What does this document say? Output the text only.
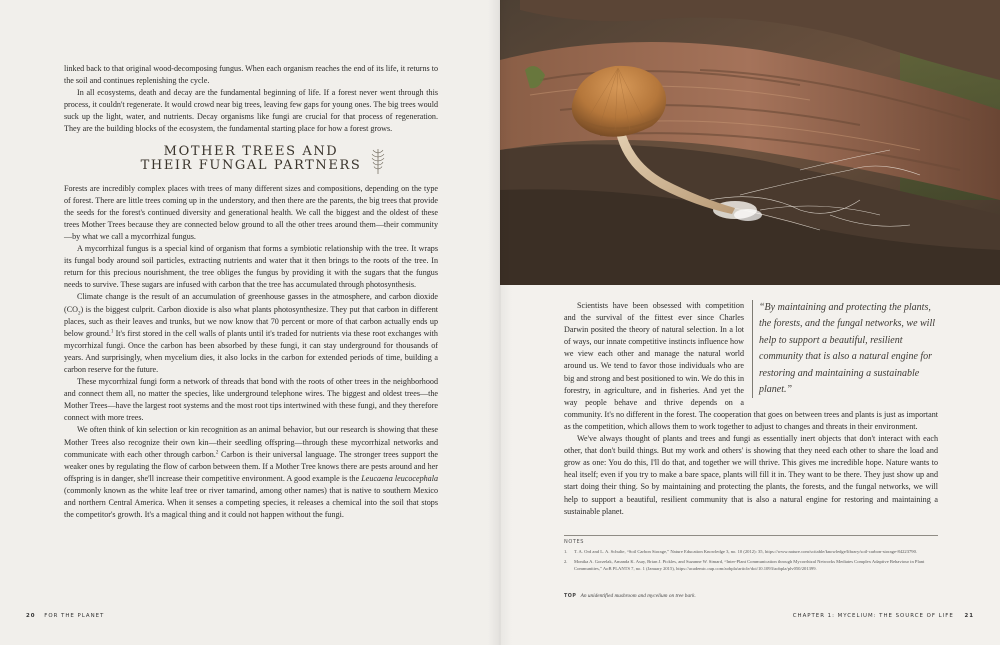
linked back to that original wood-decomposing fungus. When each organism reaches the end of its life, it returns to the soil and continues replenishing the cycle.

In all ecosystems, death and decay are the fundamental beginning of life. If a forest never went through this process, it couldn't regenerate. It would crowd near big trees, leaving few gaps for young ones. The big trees would suck up the light, water, and nutrients. Decay organisms like fungi are crucial for that process of regeneration. They are the building blocks of the ecosystem, the fundamental starting place for how a forest grows.

MOTHER TREES AND
THEIR FUNGAL PARTNERS

Forests are incredibly complex places with trees of many different sizes and compositions, depending on the type of forest. There are little trees coming up in the understory, and then there are the parents, the big trees that provide the seeds for the forest's continued diversity and generational health. We call the biggest and the oldest of these trees Mother Trees because they are connected below ground to all the other trees around them—their community—by what we call a mycorrhizal fungus.

A mycorrhizal fungus is a special kind of organism that forms a symbiotic relationship with the tree. It wraps its fungal body around soil particles, extracting nutrients and water that it then brings to the roots of the tree. In return for this precious nourishment, the tree obliges the fungus by providing it with the sugars that the fungus needs to survive. These sugars are infused with carbon that the tree has accumulated through photosynthesis.

Climate change is the result of an accumulation of greenhouse gasses in the atmosphere, and carbon dioxide $(CO_2)$ is the biggest culprit. Carbon dioxide is also what plants photosynthesize. They put that carbon in different places, such as their leaves and trunks, but we now know that 70 percent or more of that carbon actually ends up below ground.$^1$ It's first stored in the cell walls of plants until it's traded for nutrients via these root exchanges with mycorrhizal fungi. Once the carbon has been absorbed by these fungi, it can stay underground for thousands of years. And surprisingly, when mycelium dies, it also locks in the carbon for extended periods of time, building a carbon reserve for the future.

These mycorrhizal fungi form a network of threads that bond with the roots of other trees in the neighborhood and connect them all, no matter the species, like underground telephone wires. The biggest and oldest trees—the Mother Trees—have the largest root systems and the most root tips intertwined with these fungi, and they therefore connect with more trees.

We often think of kin selection or kin recognition as an animal behavior, but our research is showing that these Mother Trees also recognize their own kin—their seedling offspring—through these mycorrhizal networks and communicate with each other through carbon.$^2$ Carbon is their universal language. The stronger trees support the weaker ones by regulating the flow of carbon between them. If a Mother Tree knows there are pests around and her offspring is in danger, she'll increase their competitive environment. A good example is the Leucaena leucocephala (commonly known as the white leaf tree or river tamarind, among other names) that is native to southern Mexico and northern Central America. When it senses a competing species, it releases a chemical into the soil that stops the competitor's growth. It's a magical thing and it could not happen without the fungi.

20 FOR THE PLANET
“By maintaining and protecting the plants, the forests, and the fungal networks, we will help to support a beautiful, resilient community that is also a natural engine for restoring and maintaining a sustainable planet.”

Scientists have been obsessed with competition and the survival of the fittest ever since Charles Darwin posited the theory of natural selection. In a lot of ways, our innate competitive instincts influence how we view each other and manage the natural world around us. We tend to favor those individuals who are big and strong and best positioned to win. We do this in forestry, in agriculture, and in fisheries. And yet the way people behave and thrive depends on a community. It's no different in the forest. The cooperation that goes on between trees and plants is just as important as the competition, which allows them to work together to adjust to changes and threats in their environment.

We've always thought of plants and trees and fungi as essentially inert objects that don't interact with each other, that don't build things. But my work and others' is showing that they need each other to share the load and grow as one: You do this, I'll do that, and together we will thrive. This gives me incredible hope. Nature wants to heal itself; even if you try to make a bare space, plants will fill it in. They want to be there. They just show up and start doing their thing. So by maintaining and protecting the plants, the forests, and the fungal networks, we will help to support a beautiful, resilient community that is also a natural engine for restoring and maintaining a sustainable planet.

NOTES
1.	T. A. Ord and L. A. Schulte, “Soil Carbon Storage,” Nature Education Knowledge 3, no. 10 (2012): 35, https://www.nature.com/scitable/knowledge/library/soil-carbon-storage-84223790.
2.	Monika A. Gorzelak, Amanda K. Asay, Brian J. Pickles, and Suzanne W. Simard, “Inter-Plant Communication through Mycorrhizal Networks Mediates Complex Adaptive Behaviour in Plant Communities,” AoB PLANTS 7, no. 1 (January 2015), https://academic.oup.com/aobpla/article/doi/10.1093/aobpla/plv050/201399.
TOP An unidentified mushroom and mycelium on tree bark.
CHAPTER 1: MYCELIUM: THE SOURCE OF LIFE 21
